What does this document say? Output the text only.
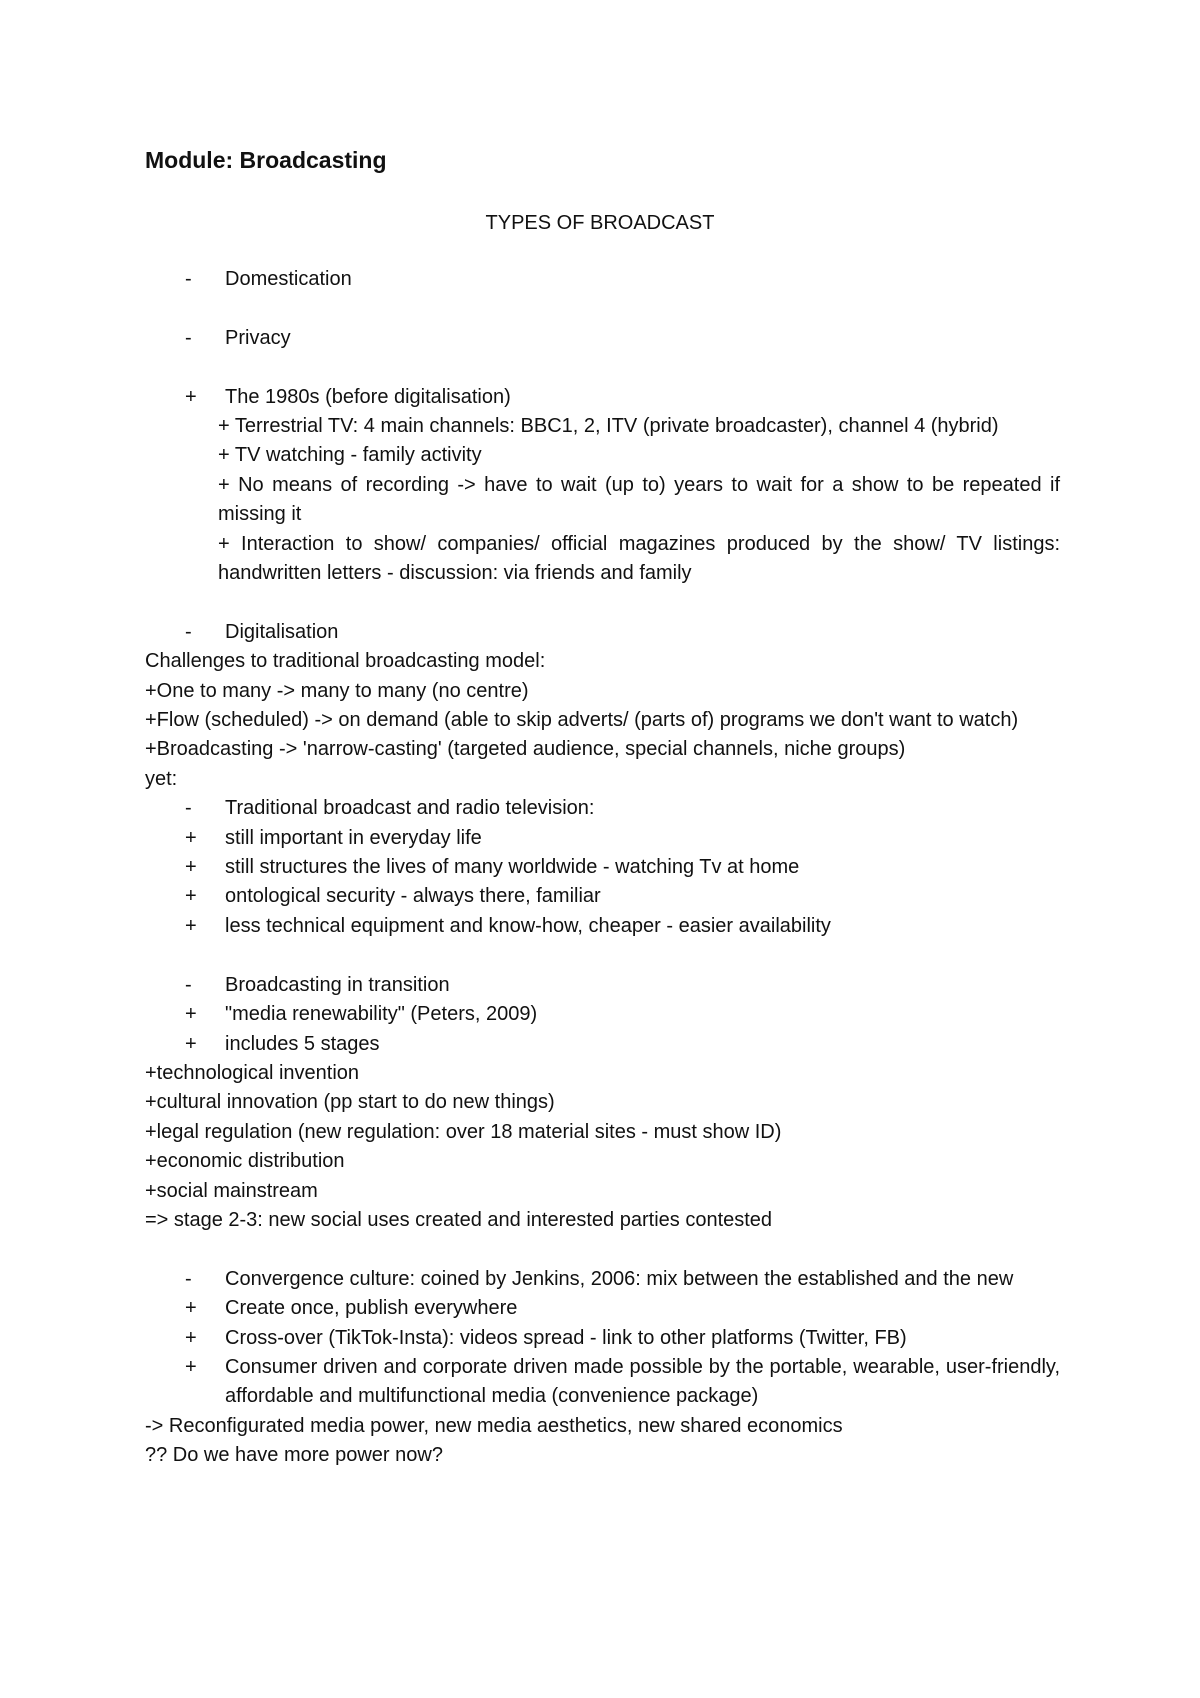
Module: Broadcasting
TYPES OF BROADCAST
-	Domestication
-	Privacy
+	The 1980s (before digitalisation)

+ Terrestrial TV: 4 main channels: BBC1, 2, ITV (private broadcaster), channel 4 (hybrid)

+ TV watching - family activity

+ No means of recording -> have to wait (up to) years to wait for a show to be repeated if missing it

+ Interaction to show/ companies/ official magazines produced by the show/ TV listings: handwritten letters - discussion: via friends and family

-	Digitalisation

Challenges to traditional broadcasting model:

+One to many -> many to many (no centre)

+Flow (scheduled) -> on demand (able to skip adverts/ (parts of) programs we don't want to watch)

+Broadcasting -> 'narrow-casting' (targeted audience, special channels, niche groups)

yet:

-	Traditional broadcast and radio television:
+	still important in everyday life
+	still structures the lives of many worldwide - watching Tv at home
+	ontological security - always there, familiar
+	less technical equipment and know-how, cheaper - easier availability
-	Broadcasting in transition
+	"media renewability" (Peters, 2009)
+	includes 5 stages

+technological invention

+cultural innovation (pp start to do new things)

+legal regulation (new regulation: over 18 material sites - must show ID)

+economic distribution

+social mainstream

=> stage 2-3: new social uses created and interested parties contested

-	Convergence culture: coined by Jenkins, 2006: mix between the established and the new
+	Create once, publish everywhere
+	Cross-over (TikTok-Insta): videos spread - link to other platforms (Twitter, FB)
+	Consumer driven and corporate driven made possible by the portable, wearable, user-friendly, affordable and multifunctional media (convenience package)

-> Reconfigurated media power, new media aesthetics, new shared economics

?? Do we have more power now?
